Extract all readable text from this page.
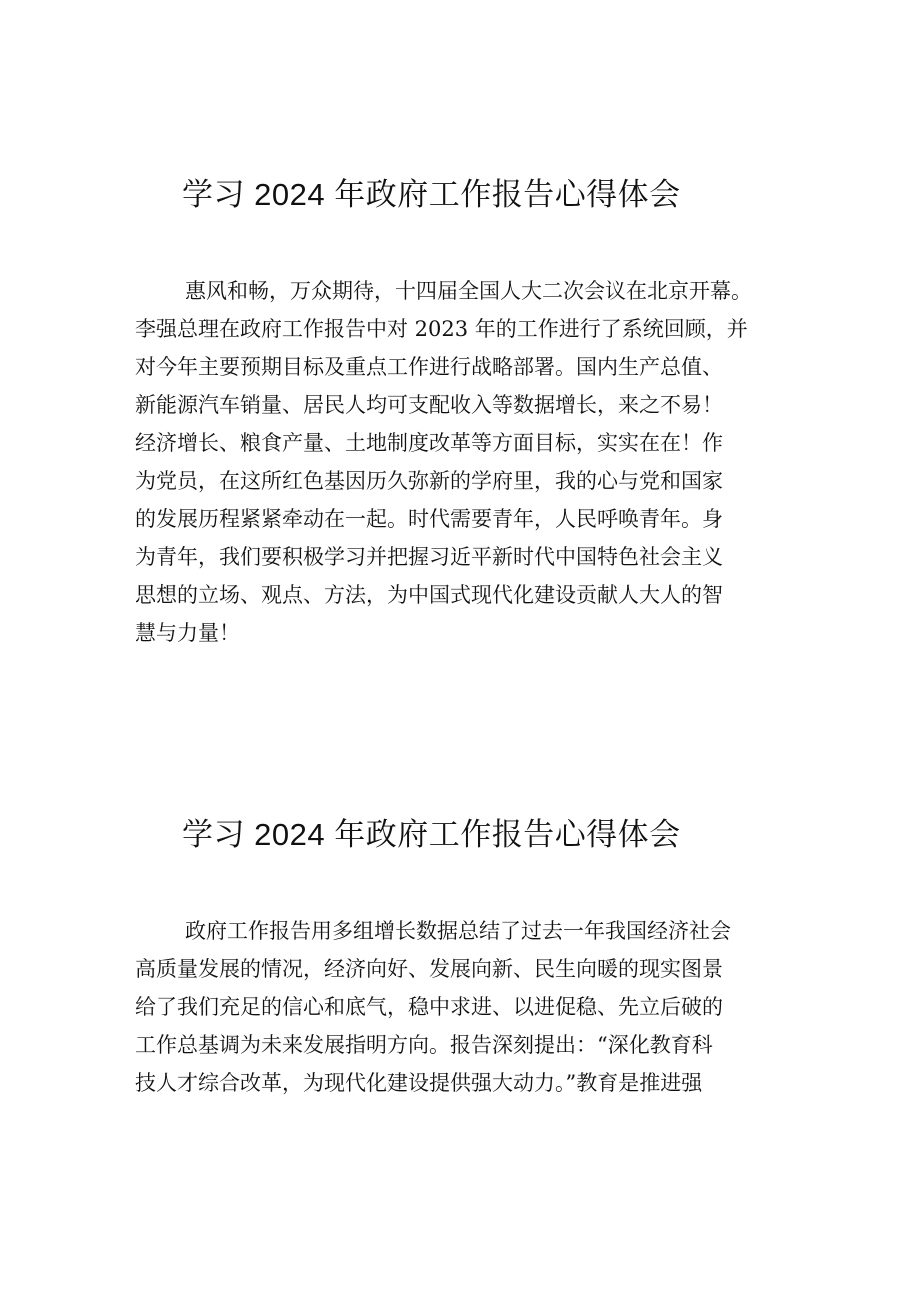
学习 2024 年政府工作报告心得体会
惠风和畅，万众期待，十四届全国人大二次会议在北京开幕。
李强总理在政府工作报告中对 2023 年的工作进行了系统回顾，并
对今年主要预期目标及重点工作进行战略部署。国内生产总值、
新能源汽车销量、居民人均可支配收入等数据增长，来之不易！
经济增长、粮食产量、土地制度改革等方面目标，实实在在！作
为党员，在这所红色基因历久弥新的学府里，我的心与党和国家
的发展历程紧紧牵动在一起。时代需要青年，人民呼唤青年。身
为青年，我们要积极学习并把握习近平新时代中国特色社会主义
思想的立场、观点、方法，为中国式现代化建设贡献人大人的智
慧与力量！
学习 2024 年政府工作报告心得体会
政府工作报告用多组增长数据总结了过去一年我国经济社会
高质量发展的情况，经济向好、发展向新、民生向暖的现实图景
给了我们充足的信心和底气，稳中求进、以进促稳、先立后破的
工作总基调为未来发展指明方向。报告深刻提出：“深化教育科
技人才综合改革，为现代化建设提供强大动力。”教育是推进强
